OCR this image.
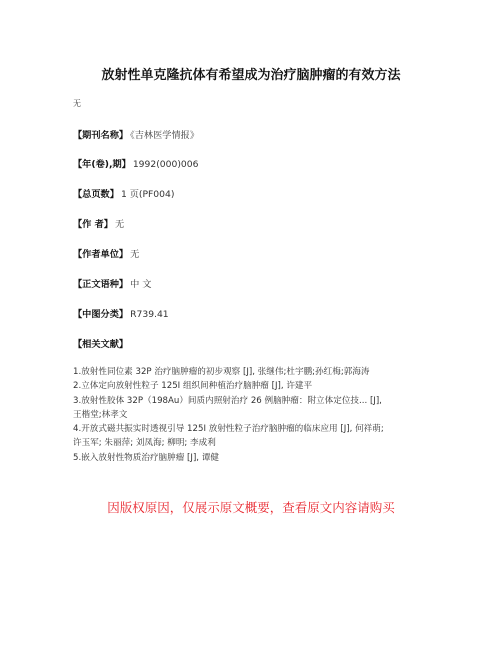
放射性单克隆抗体有希望成为治疗脑肿瘤的有效方法
无
【期刊名称】 《吉林医学情报》
【年(卷),期】 1992(000)006
【总页数】 1 页(PF004)
【作 者】 无
【作者单位】 无
【正文语种】 中 文
【中图分类】 R739.41
【相关文献】
1.放射性同位素 32P 治疗脑肿瘤的初步观察 [J], 张继伟;杜宇鹏;孙红梅;郭海涛
2.立体定向放射性粒子 125I 组织间种植治疗脑肿瘤 [J], 许建平
3.放射性胶体 32P（198Au）间质内照射治疗 26 例脑肿瘤：附立体定位技... [J],
王楷堂;林孝文
4.开放式磁共振实时透视引导 125I 放射性粒子治疗脑肿瘤的临床应用 [J], 何祥萌;
许玉军; 朱丽萍; 刘凤海; 柳明; 李成利
5.嵌入放射性物质治疗脑肿瘤 [J], 谭健
因版权原因，仅展示原文概要，查看原文内容请购买
